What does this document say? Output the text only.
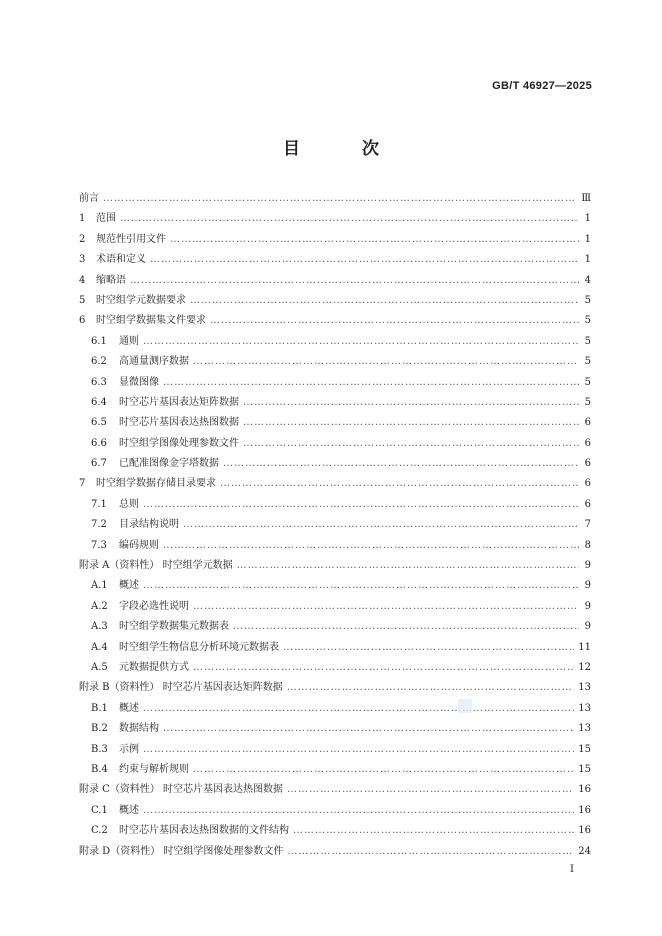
GB/T 46927—2025
目 次
前言 ………………………………………………………………………………………………………………………………………………………………………………………………	Ⅲ
1	范围 ………………………………………………………………………………………………………………………………………………………………………………………………	1
2	规范性引用文件 ………………………………………………………………………………………………………………………………………………………………………………………………	1
3	术语和定义 ………………………………………………………………………………………………………………………………………………………………………………………………	1
4	缩略语 ………………………………………………………………………………………………………………………………………………………………………………………………	4
5	时空组学元数据要求 ………………………………………………………………………………………………………………………………………………………………………………………………	5
6	时空组学数据集文件要求 ………………………………………………………………………………………………………………………………………………………………………………………………	5
6.1	通则 ………………………………………………………………………………………………………………………………………………………………………………………………	5
6.2	高通量测序数据 ………………………………………………………………………………………………………………………………………………………………………………………………	5
6.3	显微图像 ………………………………………………………………………………………………………………………………………………………………………………………………	5
6.4	时空芯片基因表达矩阵数据 ………………………………………………………………………………………………………………………………………………………………………………………………	5
6.5	时空芯片基因表达热图数据 ………………………………………………………………………………………………………………………………………………………………………………………………	6
6.6	时空组学图像处理参数文件 ………………………………………………………………………………………………………………………………………………………………………………………………	6
6.7	已配准图像金字塔数据 ………………………………………………………………………………………………………………………………………………………………………………………………	6
7	时空组学数据存储目录要求 ………………………………………………………………………………………………………………………………………………………………………………………………	6
7.1	总则 ………………………………………………………………………………………………………………………………………………………………………………………………	6
7.2	目录结构说明 ………………………………………………………………………………………………………………………………………………………………………………………………	7
7.3	编码规则 ………………………………………………………………………………………………………………………………………………………………………………………………	8
附录 A（资料性） 时空组学元数据 ………………………………………………………………………………………………………………………………………………………………………………………………	9
A.1	概述 ………………………………………………………………………………………………………………………………………………………………………………………………	9
A.2	字段必选性说明 ………………………………………………………………………………………………………………………………………………………………………………………………	9
A.3	时空组学数据集元数据表 ………………………………………………………………………………………………………………………………………………………………………………………………	9
A.4	时空组学生物信息分析环境元数据表 ………………………………………………………………………………………………………………………………………………………………………………………………	11
A.5	元数据提供方式 ………………………………………………………………………………………………………………………………………………………………………………………………	12
附录 B（资料性） 时空芯片基因表达矩阵数据 ………………………………………………………………………………………………………………………………………………………………………………………………	13
B.1	概述 ………………………………………………………………………………………………………………………………………………………………………………………………	13
B.2	数据结构 ………………………………………………………………………………………………………………………………………………………………………………………………	13
B.3	示例 ………………………………………………………………………………………………………………………………………………………………………………………………	15
B.4	约束与解析规则 ………………………………………………………………………………………………………………………………………………………………………………………………	15
附录 C（资料性） 时空芯片基因表达热图数据 ………………………………………………………………………………………………………………………………………………………………………………………………	16
C.1	概述 ………………………………………………………………………………………………………………………………………………………………………………………………	16
C.2	时空芯片基因表达热图数据的文件结构 ………………………………………………………………………………………………………………………………………………………………………………………………	16
附录 D（资料性） 时空组学图像处理参数文件 ………………………………………………………………………………………………………………………………………………………………………………………………	24
I
